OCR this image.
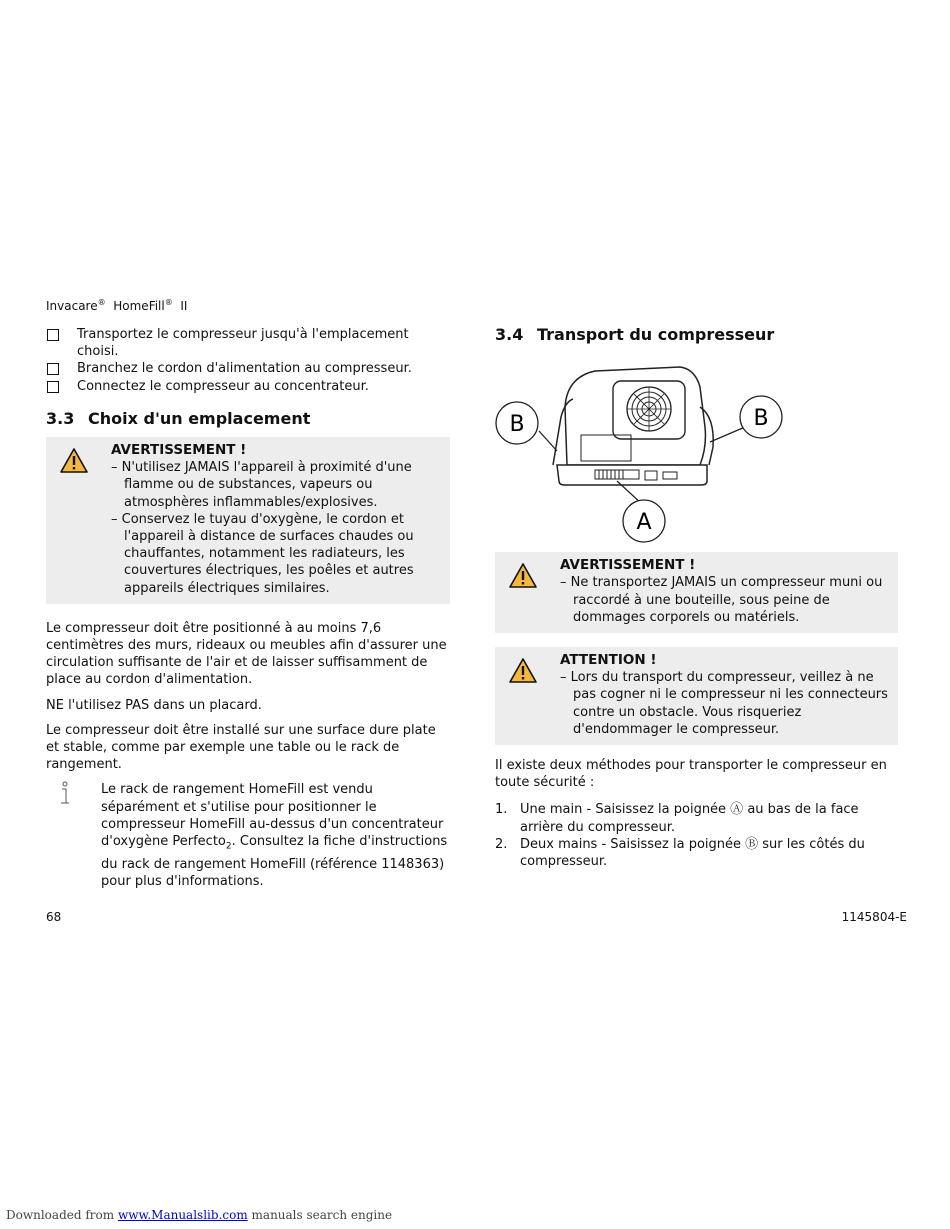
Invacare® HomeFill® II
Transportez le compresseur jusqu'à l'emplacement choisi.
Branchez le cordon d'alimentation au compresseur.
Connectez le compresseur au concentrateur.
3.3 Choix d'un emplacement
AVERTISSEMENT !
– N'utilisez JAMAIS l'appareil à proximité d'une flamme ou de substances, vapeurs ou atmosphères inflammables/explosives.
– Conservez le tuyau d'oxygène, le cordon et l'appareil à distance de surfaces chaudes ou chauffantes, notamment les radiateurs, les couvertures électriques, les poêles et autres appareils électriques similaires.

Le compresseur doit être positionné à au moins 7,6 centimètres des murs, rideaux ou meubles afin d'assurer une circulation suffisante de l'air et de laisser suffisamment de place au cordon d'alimentation.

NE l'utilisez PAS dans un placard.

Le compresseur doit être installé sur une surface dure plate et stable, comme par exemple une table ou le rack de rangement.

Le rack de rangement HomeFill est vendu séparément et s'utilise pour positionner le compresseur HomeFill au-dessus d'un concentrateur d'oxygène Perfecto$_2$. Consultez la fiche d'instructions du rack de rangement HomeFill (référence 1148363) pour plus d'informations.

3.4 Transport du compresseur
B	B
A
AVERTISSEMENT !
– Ne transportez JAMAIS un compresseur muni ou raccordé à une bouteille, sous peine de dommages corporels ou matériels.
ATTENTION !
– Lors du transport du compresseur, veillez à ne pas cogner ni le compresseur ni les connecteurs contre un obstacle. Vous risqueriez d'endommager le compresseur.

Il existe deux méthodes pour transporter le compresseur en toute sécurité :

1. Une main - Saisissez la poignée Ⓐ au bas de la face arrière du compresseur.
2. Deux mains - Saisissez la poignée Ⓑ sur les côtés du compresseur.
68	1145804-E
Downloaded from www.Manualslib.com manuals search engine
